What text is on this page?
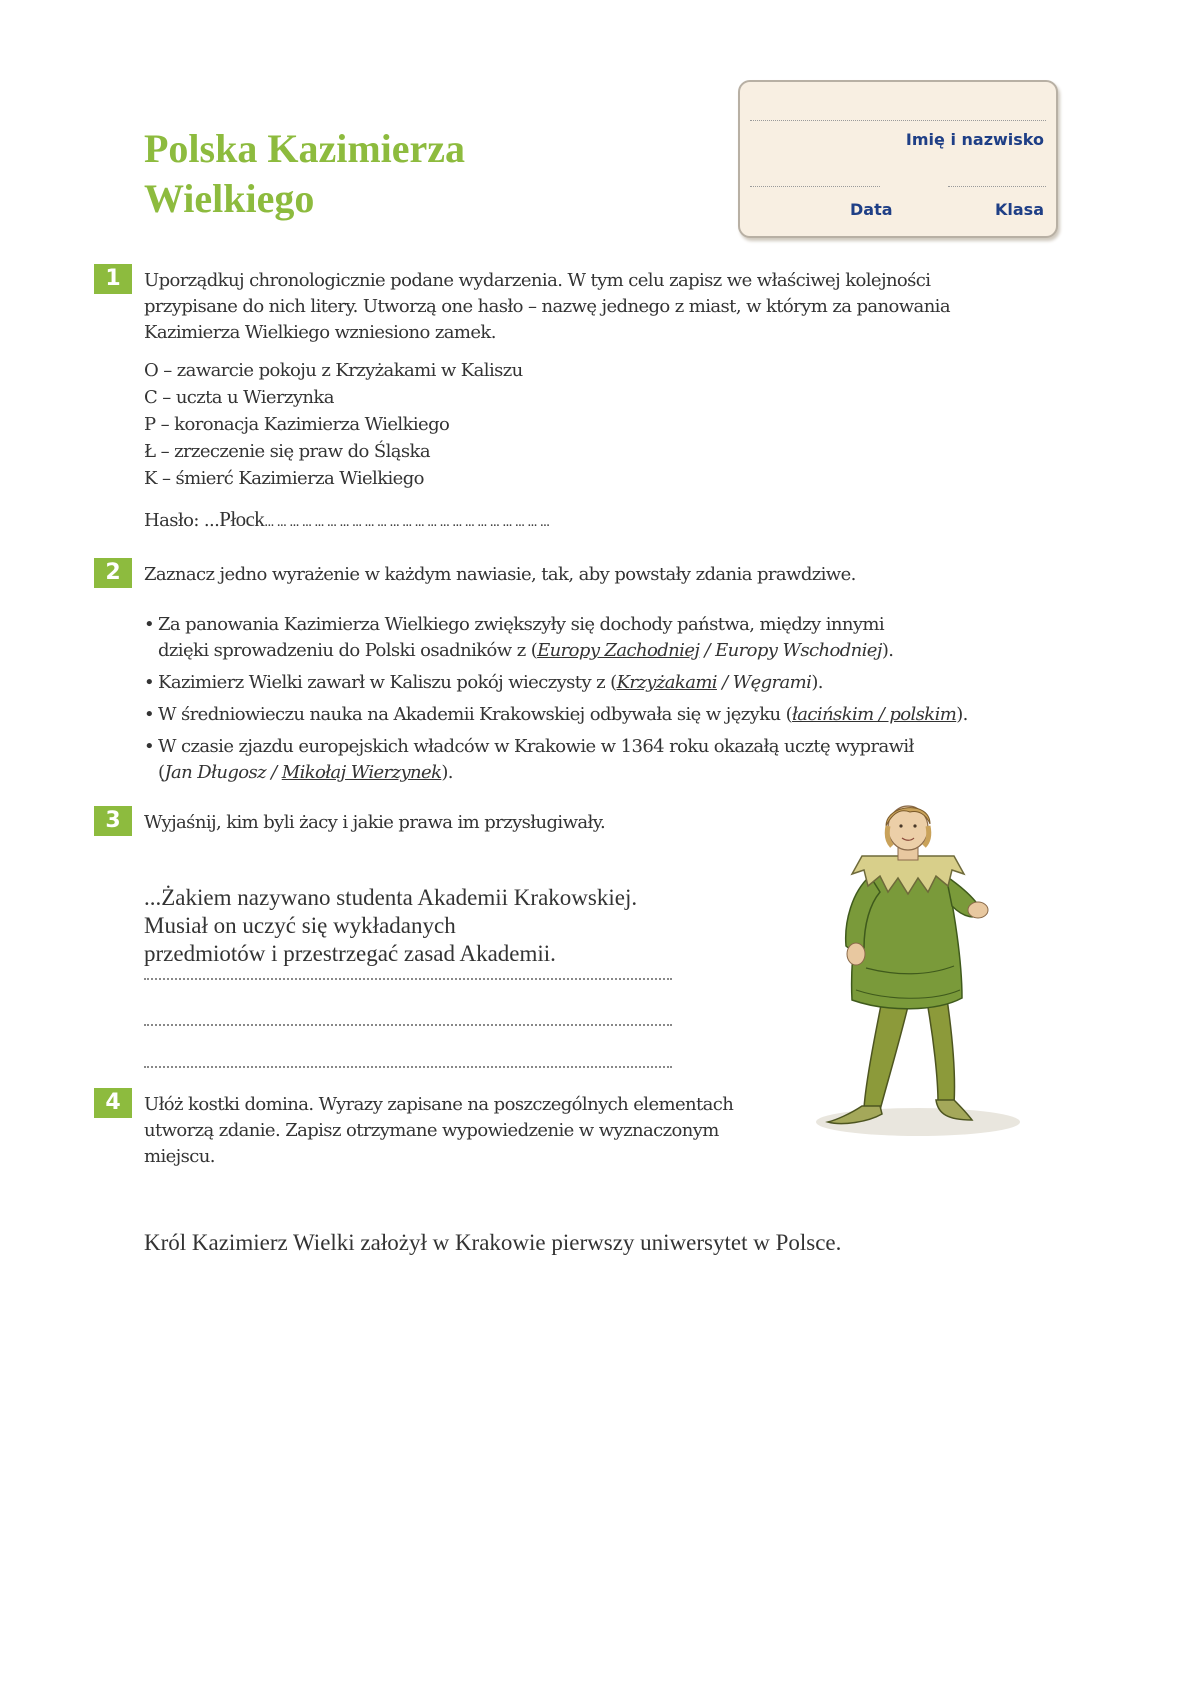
Polska Kazimierza
Wielkiego
Imię i nazwisko
Data	Klasa
1	Uporządkuj chronologicznie podane wydarzenia. W tym celu zapisz we właściwej kolejności
przypisane do nich litery. Utworzą one hasło – nazwę jednego z miast, w którym za panowania
Kazimierza Wielkiego wzniesiono zamek.
O – zawarcie pokoju z Krzyżakami w Kaliszu
C – uczta u Wierzynka
P – koronacja Kazimierza Wielkiego
Ł – zrzeczenie się praw do Śląska
K – śmierć Kazimierza Wielkiego
Hasło: ...Płock... ... ... ... ... ... ... ... ... ... ... ... ... ... ... ... ... ... ... ... ... ... ...
2	Zaznacz jedno wyrażenie w każdym nawiasie, tak, aby powstały zdania prawdziwe.
• Za panowania Kazimierza Wielkiego zwiększyły się dochody państwa, między innymi
dzięki sprowadzeniu do Polski osadników z (Europy Zachodniej / Europy Wschodniej).
• Kazimierz Wielki zawarł w Kaliszu pokój wieczysty z (Krzyżakami / Węgrami).
• W średniowieczu nauka na Akademii Krakowskiej odbywała się w języku (łacińskim / polskim).
• W czasie zjazdu europejskich władców w Krakowie w 1364 roku okazałą ucztę wyprawił
(Jan Długosz / Mikołaj Wierzynek).
3	Wyjaśnij, kim byli żacy i jakie prawa im przysługiwały.
...Żakiem nazywano studenta Akademii Krakowskiej.
Musiał on uczyć się wykładanych
przedmiotów i przestrzegać zasad Akademii.
4	Ułóż kostki domina. Wyrazy zapisane na poszczególnych elementach
utworzą zdanie. Zapisz otrzymane wypowiedzenie w wyznaczonym
miejscu.
Król Kazimierz Wielki założył w Krakowie pierwszy uniwersytet w Polsce.
